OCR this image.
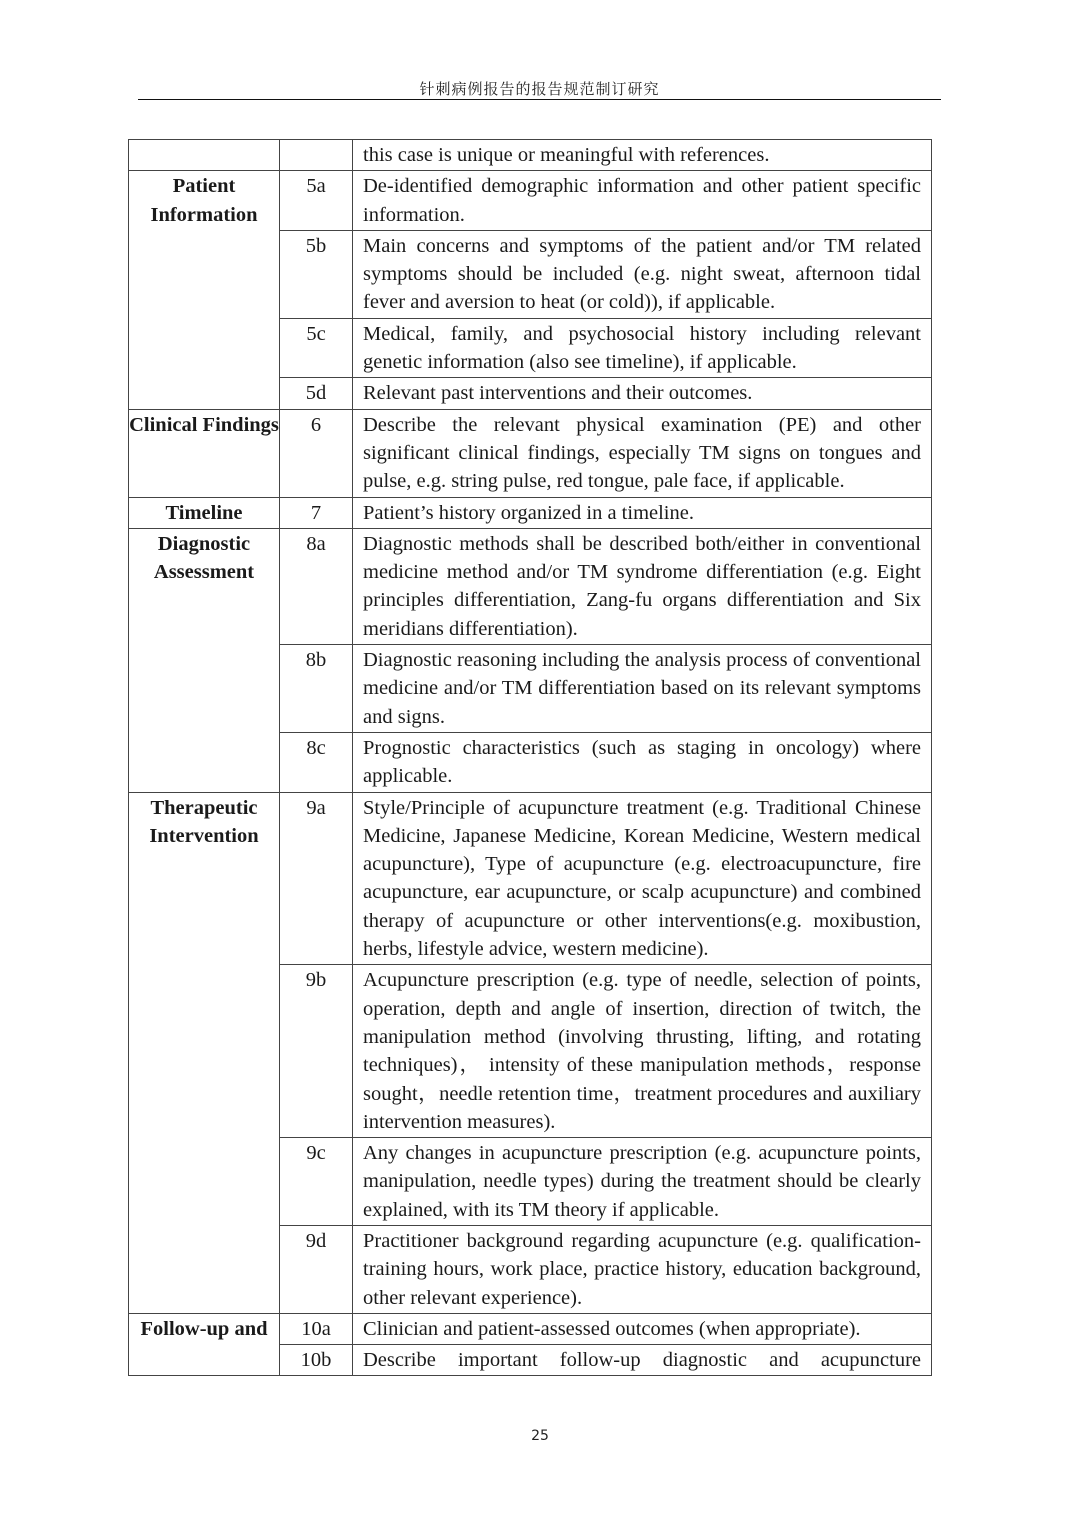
针刺病例报告的报告规范制订研究
		this case is unique or meaningful with references.
Patient Information	5a	De-identified demographic information and other patient specific information.
	5b	Main concerns and symptoms of the patient and/or TM related symptoms should be included (e.g. night sweat, afternoon tidal fever and aversion to heat (or cold)), if applicable.
	5c	Medical, family, and psychosocial history including relevant genetic information (also see timeline), if applicable.
	5d	Relevant past interventions and their outcomes.
Clinical Findings	6	Describe the relevant physical examination (PE) and other significant clinical findings, especially TM signs on tongues and pulse, e.g. string pulse, red tongue, pale face, if applicable.
Timeline	7	Patient’s history organized in a timeline.
Diagnostic Assessment	8a	Diagnostic methods shall be described both/either in conventional medicine method and/or TM syndrome differentiation (e.g. Eight principles differentiation, Zang-fu organs differentiation and Six meridians differentiation).
	8b	Diagnostic reasoning including the analysis process of conventional medicine and/or TM differentiation based on its relevant symptoms and signs.
	8c	Prognostic characteristics (such as staging in oncology) where applicable.
Therapeutic Intervention	9a	Style/Principle of acupuncture treatment (e.g. Traditional Chinese Medicine, Japanese Medicine, Korean Medicine, Western medical acupuncture), Type of acupuncture (e.g. electroacupuncture, fire acupuncture, ear acupuncture, or scalp acupuncture) and combined therapy of acupuncture or other interventions(e.g. moxibustion, herbs, lifestyle advice, western medicine).
	9b	Acupuncture prescription (e.g. type of needle, selection of points, operation, depth and angle of insertion, direction of twitch, the manipulation method (involving thrusting, lifting, and rotating techniques)， intensity of these manipulation methods，response sought，needle retention time，treatment procedures and auxiliary intervention measures).
	9c	Any changes in acupuncture prescription (e.g. acupuncture points, manipulation, needle types) during the treatment should be clearly explained, with its TM theory if applicable.
	9d	Practitioner background regarding acupuncture (e.g. qualification-training hours, work place, practice history, education background, other relevant experience).
Follow-up and	10a	Clinician and patient-assessed outcomes (when appropriate).
	10b	Describe important follow-up diagnostic and acupuncture
25
